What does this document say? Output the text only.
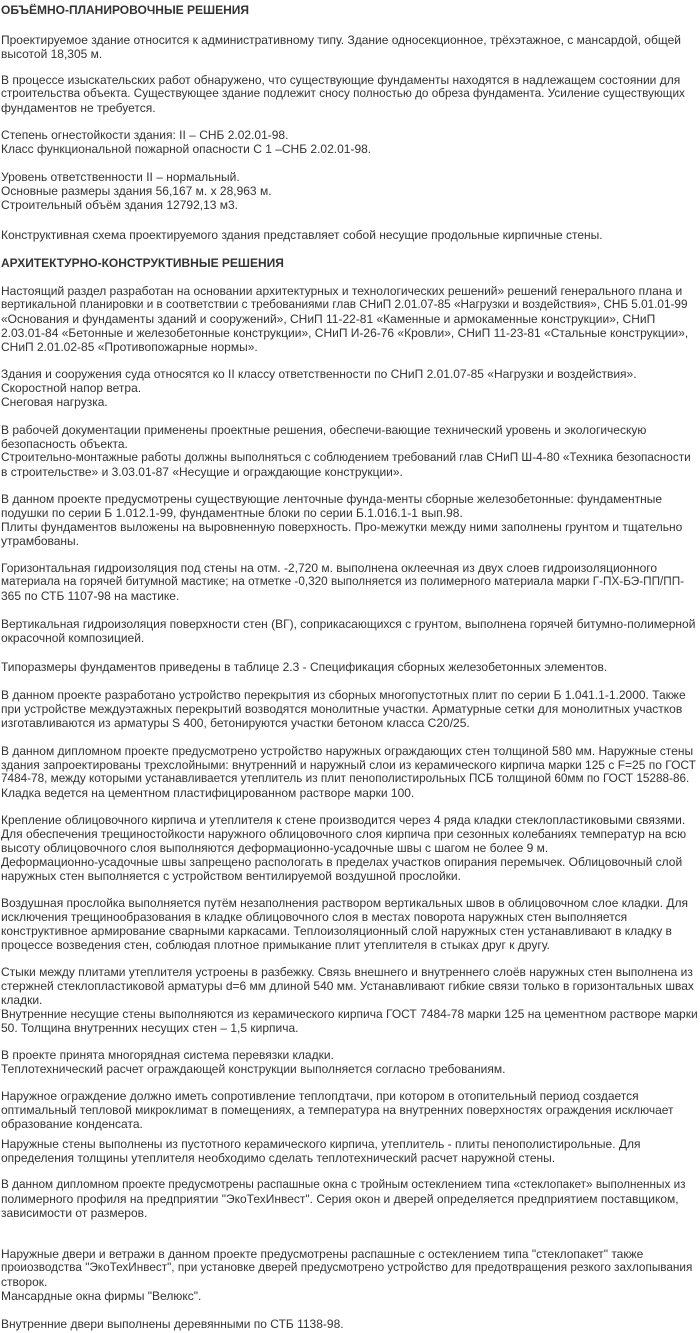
ОБЪЁМНО-ПЛАНИРОВОЧНЫЕ РЕШЕНИЯ
АРХИТЕКТУРНО-КОНСТРУКТИВНЫЕ РЕШЕНИЯ
Проектируемое здание относится к административному типу. Здание односекционное, трёхэтажное, с мансардой, общей
высотой 18,305 м.
В процессе изыскательских работ обнаружено, что существующие фундаменты находятся в надлежащем состоянии для
строительства объекта. Существующее здание подлежит сносу полностью до обреза фундамента. Усиление существующих
фундаментов не требуется.
Степень огнестойкости здания: II – СНБ 2.02.01-98.
Класс функциональной пожарной опасности С 1 –СНБ 2.02.01-98.
Уровень ответственности II – нормальный.
Основные размеры здания 56,167 м. х 28,963 м.
Строительный объём здания 12792,13 м3.
Конструктивная схема проектируемого здания представляет собой несущие продольные кирпичные стены.
Настоящий раздел разработан на основании архитектурных и технологических решений» решений генерального плана и
вертикальной планировки и в соответствии с требованиями глав СНиП 2.01.07-85 «Нагрузки и воздействия», СНБ 5.01.01-99
«Основания и фундаменты зданий и сооружений», СНиП 11-22-81 «Каменные и армокаменные конструкции», СНиП
2.03.01-84 «Бетонные и железобетонные конструкции», СНиП И-26-76 «Кровли», СНиП 11-23-81 «Стальные конструкции»,
СНиП 2.01.02-85 «Противопожарные нормы».
Здания и сооружения суда относятся ко II классу ответственности по СНиП 2.01.07-85 «Нагрузки и воздействия».
Скоростной напор ветра.
Снеговая нагрузка.
В рабочей документации применены проектные решения, обеспечи-вающие технический уровень и экологическую
безопасность объекта.
Строительно-монтажные работы должны выполняться с соблюдением требований глав СНиП Ш-4-80 «Техника безопасности
в строительстве» и 3.03.01-87 «Несущие и ограждающие конструкции».
В данном проекте предусмотрены существующие ленточные фунда-менты сборные железобетонные: фундаментные
подушки по серии Б 1.012.1-99, фундаментные блоки по серии Б.1.016.1-1 вып.98.
Плиты фундаментов выложены на выровненную поверхность. Про-межутки между ними заполнены грунтом и тщательно
утрамбованы.
Горизонтальная гидроизоляция под стены на отм. -2,720 м. выполнена оклеечная из двух слоев гидроизоляционного
материала на горячей битумной мастике; на отметке -0,320 выполняется из полимерного материала марки Г-ПХ-БЭ-ПП/ПП-
365 по СТБ 1107-98 на мастике.
Вертикальная гидроизоляция поверхности стен (ВГ), соприкасающихся с грунтом, выполнена горячей битумно-полимерной
окрасочной композицией.
Типоразмеры фундаментов приведены в таблице 2.3 - Спецификация сборных железобетонных элементов.
В данном проекте разработано устройство перекрытия из сборных многопустотных плит по серии Б 1.041.1-1.2000. Также
при устройстве междуэтажных перекрытий возводятся монолитные участки. Арматурные сетки для монолитных участков
изготавливаются из арматуры S 400, бетонируются участки бетоном класса С20/25.
В данном дипломном проекте предусмотрено устройство наружных ограждающих стен толщиной 580 мм. Наружные стены
здания запроектированы трехслойными: внутренний и наружный слои из керамического кирпича марки 125 с F=25 по ГОСТ
7484-78, между которыми устанавливается утеплитель из плит пенополистирольных ПСБ толщиной 60мм по ГОСТ 15288-86.
Кладка ведется на цементном пластифицированном растворе марки 100.
Крепление облицовочного кирпича и утеплителя к стене производится через 4 ряда кладки стеклопластиковыми связями.
Для обеспечения трещиностойкости наружного облицовочного слоя кирпича при сезонных колебаниях температур на всю
высоту облицовочного слоя выполняются деформационно-усадочные швы с шагом не более 9 м.
Деформационно-усадочные швы запрещено распологать в пределах участков опирания перемычек. Облицовочный слой
наружных стен выполняется с устройством вентилируемой воздушной прослойки.
Воздушная прослойка выполняется путём незаполнения раствором вертикальных швов в облицовочном слое кладки. Для
исключения трещинообразования в кладке облицовочного слоя в местах поворота наружных стен выполняется
конструктивное армирование сварными каркасами. Теплоизоляционный слой наружных стен устанавливают в кладку в
процессе возведения стен, соблюдая плотное примыкание плит утеплителя в стыках друг к другу.
Стыки между плитами утеплителя устроены в разбежку. Связь внешнего и внутреннего слоёв наружных стен выполнена из
стержней стеклопластиковой арматуры d=6 мм длиной 540 мм. Устанавливают гибкие связи только в горизонтальных швах
кладки.
Внутренние несущие стены выполняются из керамического кирпича ГОСТ 7484-78 марки 125 на цементном растворе марки
50. Толщина внутренних несущих стен – 1,5 кирпича.
В проекте принята многорядная система перевязки кладки.
Теплотехнический расчет ограждающей конструкции выполняется согласно требованиям.
Наружное ограждение должно иметь сопротивление теплопдтачи, при котором в отопительный период создается
оптимальный тепловой микроклимат в помещениях, а температура на внутренних поверхностях ограждения исключает
образование конденсата.
Наружные стены выполнены из пустотного керамического кирпича, утеплитель - плиты пенополистирольные. Для
определения толщины утеплителя необходимо сделать теплотехнический расчет наружной стены.
В данном дипломном проекте предусмотрены распашные окна с тройным остеклением типа «стеклопакет» выполненных из
полимерного профиля на предприятии "ЭкоТехИнвест". Серия окон и дверей определяется предприятием поставщиком,
зависимости от размеров.
Наружные двери и ветражи в данном проекте предусмотрены распашные с остеклением типа "стеклопакет" также
проиозводства "ЭкоТехИнвест", при установке дверей предусмотрено устройство для предотвращения резкого захлопывания
створок.
Мансардные окна фирмы "Велюкс".
Внутренние двери выполнены деревянными по СТБ 1138-98.
